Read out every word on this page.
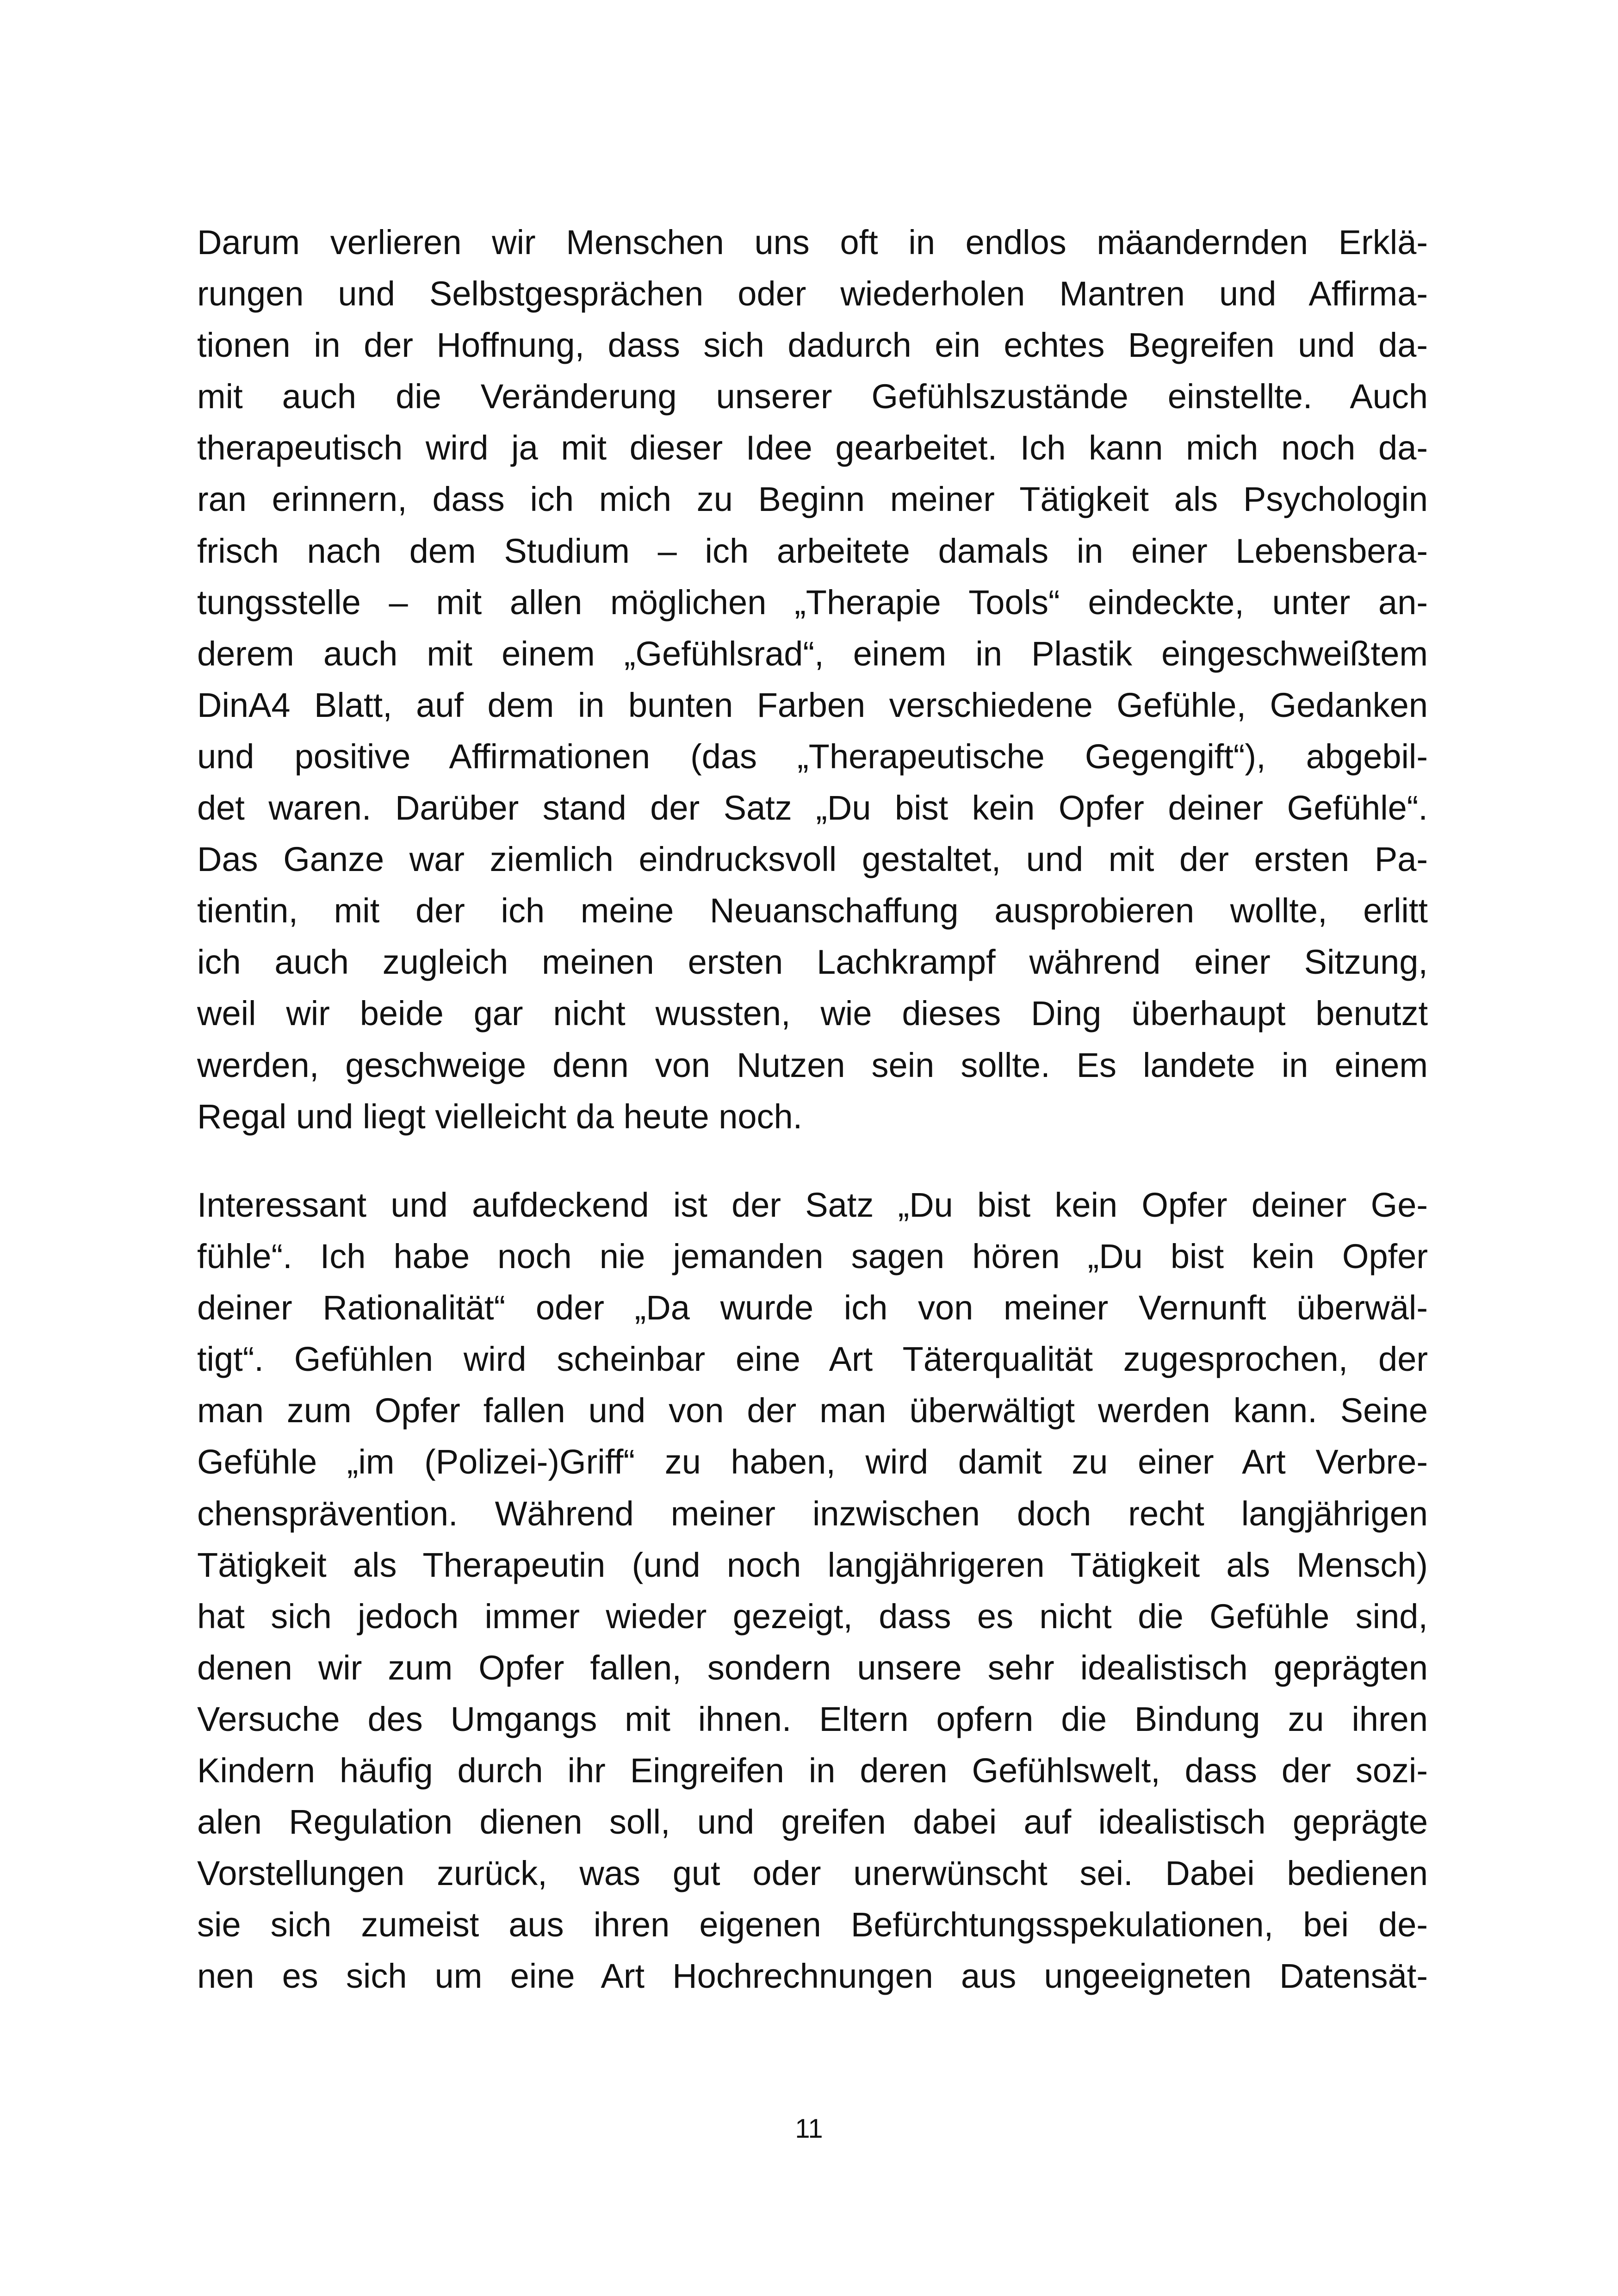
Darum verlieren wir Menschen uns oft in endlos mäandernden Erklä-
rungen und Selbstgesprächen oder wiederholen Mantren und Affirma-
tionen in der Hoffnung, dass sich dadurch ein echtes Begreifen und da-
mit auch die Veränderung unserer Gefühlszustände einstellte. Auch
therapeutisch wird ja mit dieser Idee gearbeitet. Ich kann mich noch da-
ran erinnern, dass ich mich zu Beginn meiner Tätigkeit als Psychologin
frisch nach dem Studium – ich arbeitete damals in einer Lebensbera-
tungsstelle – mit allen möglichen „Therapie Tools“ eindeckte, unter an-
derem auch mit einem „Gefühlsrad“, einem in Plastik eingeschweißtem
DinA4 Blatt, auf dem in bunten Farben verschiedene Gefühle, Gedanken
und positive Affirmationen (das „Therapeutische Gegengift“), abgebil-
det waren. Darüber stand der Satz „Du bist kein Opfer deiner Gefühle“.
Das Ganze war ziemlich eindrucksvoll gestaltet, und mit der ersten Pa-
tientin, mit der ich meine Neuanschaffung ausprobieren wollte, erlitt
ich auch zugleich meinen ersten Lachkrampf während einer Sitzung,
weil wir beide gar nicht wussten, wie dieses Ding überhaupt benutzt
werden, geschweige denn von Nutzen sein sollte. Es landete in einem
Regal und liegt vielleicht da heute noch.
Interessant und aufdeckend ist der Satz „Du bist kein Opfer deiner Ge-
fühle“. Ich habe noch nie jemanden sagen hören „Du bist kein Opfer
deiner Rationalität“ oder „Da wurde ich von meiner Vernunft überwäl-
tigt“. Gefühlen wird scheinbar eine Art Täterqualität zugesprochen, der
man zum Opfer fallen und von der man überwältigt werden kann. Seine
Gefühle „im (Polizei-)Griff“ zu haben, wird damit zu einer Art Verbre-
chensprävention. Während meiner inzwischen doch recht langjährigen
Tätigkeit als Therapeutin (und noch langjährigeren Tätigkeit als Mensch)
hat sich jedoch immer wieder gezeigt, dass es nicht die Gefühle sind,
denen wir zum Opfer fallen, sondern unsere sehr idealistisch geprägten
Versuche des Umgangs mit ihnen. Eltern opfern die Bindung zu ihren
Kindern häufig durch ihr Eingreifen in deren Gefühlswelt, dass der sozi-
alen Regulation dienen soll, und greifen dabei auf idealistisch geprägte
Vorstellungen zurück, was gut oder unerwünscht sei. Dabei bedienen
sie sich zumeist aus ihren eigenen Befürchtungsspekulationen, bei de-
nen es sich um eine Art Hochrechnungen aus ungeeigneten Datensät-
11
